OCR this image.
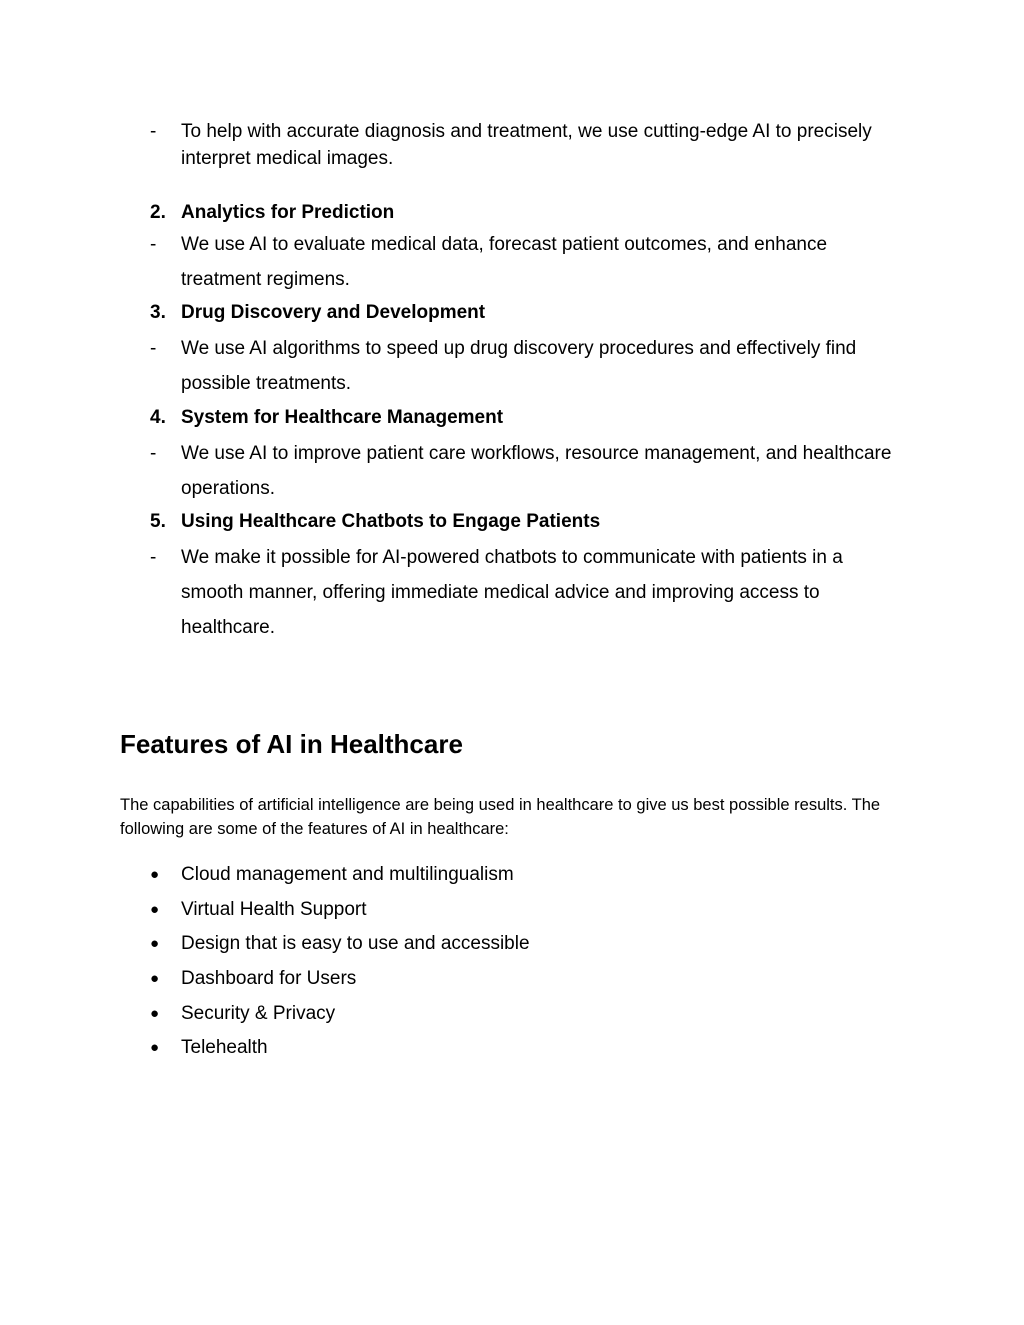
-	To help with accurate diagnosis and treatment, we use cutting-edge AI to precisely interpret medical images.
2. Analytics for Prediction
-	We use AI to evaluate medical data, forecast patient outcomes, and enhance treatment regimens.
3. Drug Discovery and Development
-	We use AI algorithms to speed up drug discovery procedures and effectively find possible treatments.
4. System for Healthcare Management
-	We use AI to improve patient care workflows, resource management, and healthcare operations.
5. Using Healthcare Chatbots to Engage Patients
-	We make it possible for AI-powered chatbots to communicate with patients in a smooth manner, offering immediate medical advice and improving access to healthcare.
Features of AI in Healthcare

The capabilities of artificial intelligence are being used in healthcare to give us best possible results. The following are some of the features of AI in healthcare:

●	Cloud management and multilingualism
●	Virtual Health Support
●	Design that is easy to use and accessible
●	Dashboard for Users
●	Security & Privacy
●	Telehealth
